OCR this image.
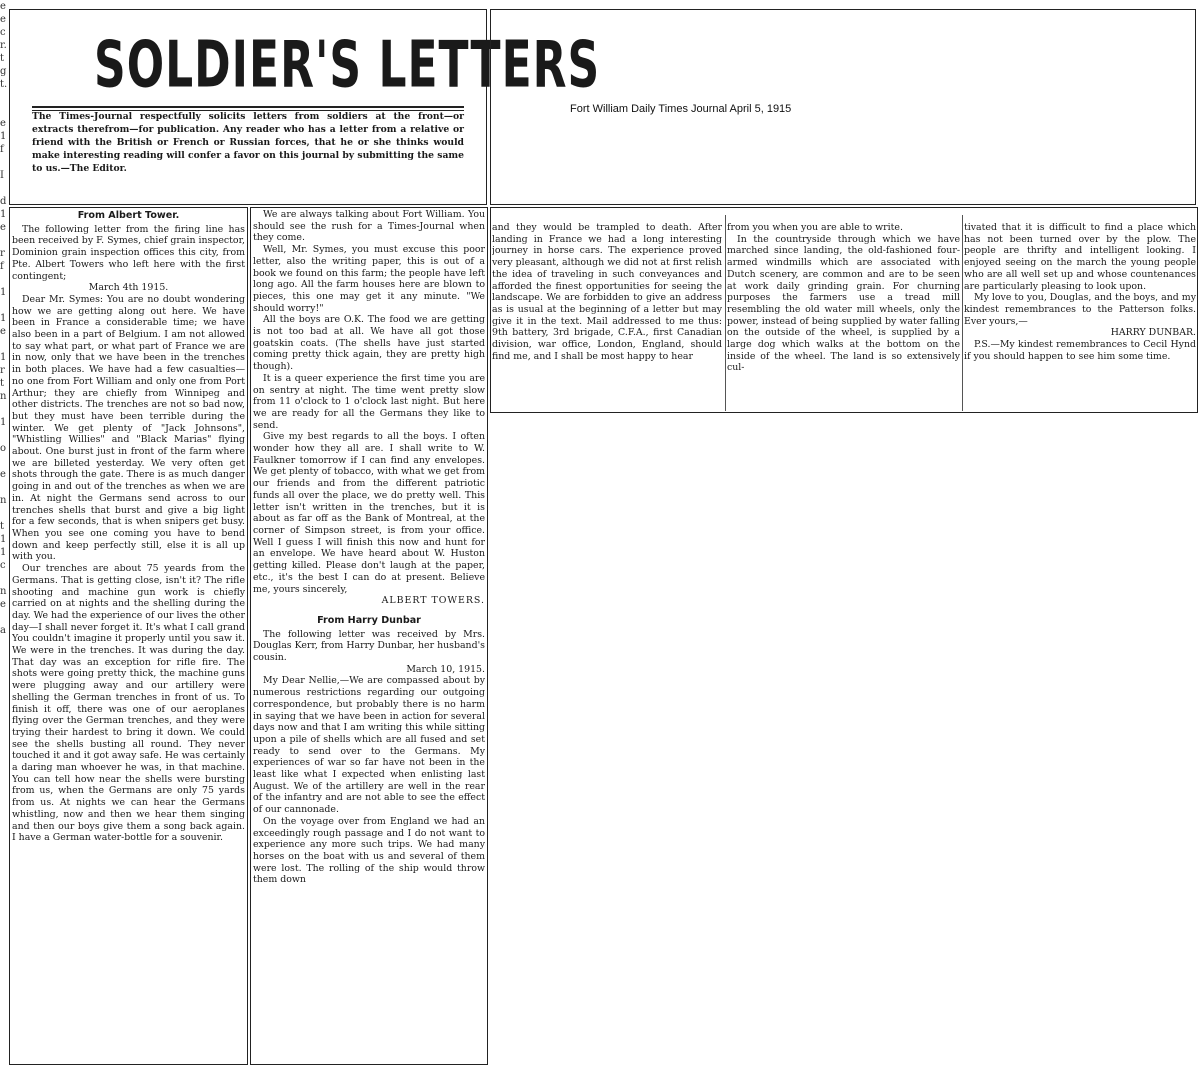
e
e
c
r.
t
g
t.

e
1
f

I

d
1
e

r
f

1

1
e

1
r
t
n

1

o

e

n

t
1
1
c

n
e

a
SOLDIER'S LETTERS
The Times-Journal respectfully solicits letters from soldiers at the front—or extracts therefrom—for publication. Any reader who has a letter from a relative or friend with the British or French or Russian forces, that he or she thinks would make interesting reading will confer a favor on this journal by submitting the same to us.—The Editor.
Fort William Daily Times Journal April 5, 1915

From Albert Tower.

The following letter from the firing line has been received by F. Symes, chief grain inspector, Dominion grain inspection offices this city, from Pte. Albert Towers who left here with the first contingent;

March 4th 1915.

Dear Mr. Symes: You are no doubt wondering how we are getting along out here. We have been in France a considerable time; we have also been in a part of Belgium. I am not allowed to say what part, or what part of France we are in now, only that we have been in the trenches in both places. We have had a few casualties—no one from Fort William and only one from Port Arthur; they are chiefly from Winnipeg and other districts. The trenches are not so bad now, but they must have been terrible during the winter. We get plenty of "Jack Johnsons", "Whistling Willies" and "Black Marias" flying about. One burst just in front of the farm where we are billeted yesterday. We very often get shots through the gate. There is as much danger going in and out of the trenches as when we are in. At night the Germans send across to our trenches shells that burst and give a big light for a few seconds, that is when snipers get busy. When you see one coming you have to bend down and keep perfectly still, else it is all up with you.

Our trenches are about 75 yeards from the Germans. That is getting close, isn't it? The rifle shooting and machine gun work is chiefly carried on at nights and the shelling during the day. We had the experience of our lives the other day—I shall never forget it. It's what I call grand You couldn't imagine it properly until you saw it. We were in the trenches. It was during the day. That day was an exception for rifle fire. The shots were going pretty thick, the machine guns were plugging away and our artillery were shelling the German trenches in front of us. To finish it off, there was one of our aeroplanes flying over the German trenches, and they were trying their hardest to bring it down. We could see the shells busting all round. They never touched it and it got away safe. He was certainly a daring man whoever he was, in that machine. You can tell how near the shells were bursting from us, when the Germans are only 75 yards from us. At nights we can hear the Germans whistling, now and then we hear them singing and then our boys give them a song back again. I have a German water-bottle for a souvenir.

We are always talking about Fort William. You should see the rush for a Times-Journal when they come.

Well, Mr. Symes, you must excuse this poor letter, also the writing paper, this is out of a book we found on this farm; the people have left long ago. All the farm houses here are blown to pieces, this one may get it any minute. "We should worry!"

All the boys are O.K. The food we are getting is not too bad at all. We have all got those goatskin coats. (The shells have just started coming pretty thick again, they are pretty high though).

It is a queer experience the first time you are on sentry at night. The time went pretty slow from 11 o'clock to 1 o'clock last night. But here we are ready for all the Germans they like to send.

Give my best regards to all the boys. I often wonder how they all are. I shall write to W. Faulkner tomorrow if I can find any envelopes. We get plenty of tobacco, with what we get from our friends and from the different patriotic funds all over the place, we do pretty well. This letter isn't written in the trenches, but it is about as far off as the Bank of Montreal, at the corner of Simpson street, is from your office. Well I guess I will finish this now and hunt for an envelope. We have heard about W. Huston getting killed. Please don't laugh at the paper, etc., it's the best I can do at present. Believe me, yours sincerely,

ALBERT TOWERS.

From Harry Dunbar

The following letter was received by Mrs. Douglas Kerr, from Harry Dunbar, her husband's cousin.

March 10, 1915.

My Dear Nellie,—We are compassed about by numerous restrictions regarding our outgoing correspondence, but probably there is no harm in saying that we have been in action for several days now and that I am writing this while sitting upon a pile of shells which are all fused and set ready to send over to the Germans. My experiences of war so far have not been in the least like what I expected when enlisting last August. We of the artillery are well in the rear of the infantry and are not able to see the effect of our cannonade.

On the voyage over from England we had an exceedingly rough passage and I do not want to experience any more such trips. We had many horses on the boat with us and several of them were lost. The rolling of the ship would throw them down

and they would be trampled to death. After landing in France we had a long interesting journey in horse cars. The experience proved very pleasant, although we did not at first relish the idea of traveling in such conveyances and afforded the finest opportunities for seeing the landscape. We are forbidden to give an address as is usual at the beginning of a letter but may give it in the text. Mail addressed to me thus: 9th battery, 3rd brigade, C.F.A., first Canadian division, war office, London, England, should find me, and I shall be most happy to hear

from you when you are able to write.

In the countryside through which we have marched since landing, the old-fashioned four-armed windmills which are associated with Dutch scenery, are common and are to be seen at work daily grinding grain. For churning purposes the farmers use a tread mill resembling the old water mill wheels, only the power, instead of being supplied by water falling on the outside of the wheel, is supplied by a large dog which walks at the bottom on the inside of the wheel. The land is so extensively cul-

tivated that it is difficult to find a place which has not been turned over by the plow. The people are thrifty and intelligent looking. I enjoyed seeing on the march the young people who are all well set up and whose countenances are particularly pleasing to look upon.

My love to you, Douglas, and the boys, and my kindest remembrances to the Patterson folks. Ever yours,—

HARRY DUNBAR.

P.S.—My kindest remembrances to Cecil Hynd if you should happen to see him some time.
